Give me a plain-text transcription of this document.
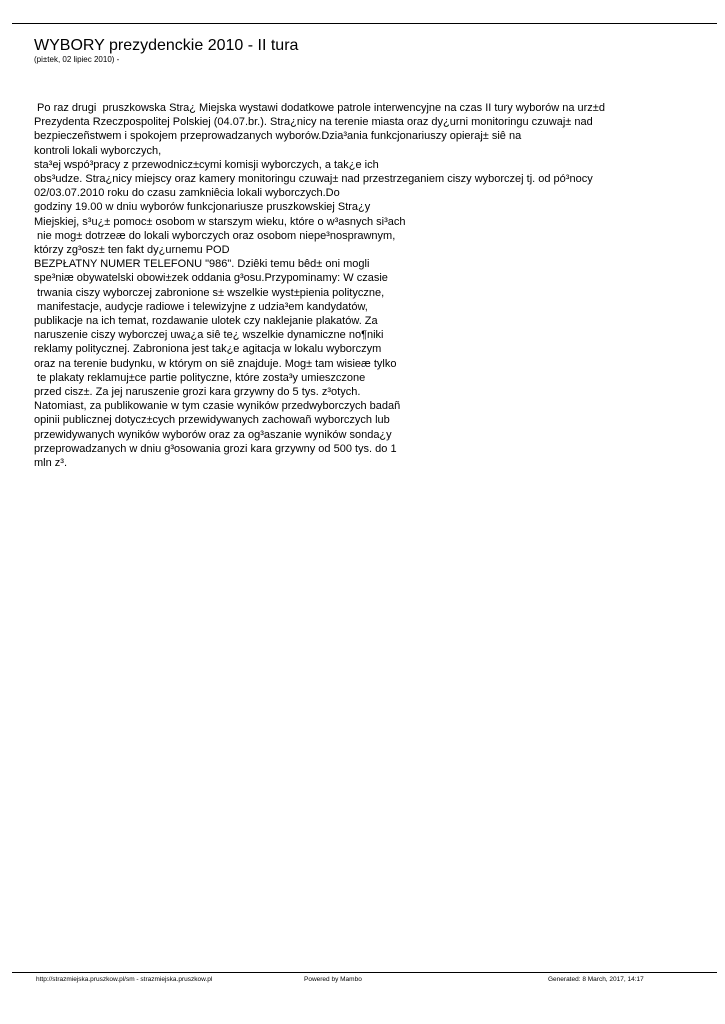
WYBORY prezydenckie 2010 - II tura
(pi±tek, 02 lipiec 2010) -
Po raz drugi  pruszkowska Stra¿ Miejska wystawi dodatkowe patrole interwencyjne na czas II tury wyborów na urz±d
Prezydenta Rzeczpospolitej Polskiej (04.07.br.). Stra¿nicy na terenie miasta oraz dy¿urni monitoringu czuwaj± nad
bezpieczeñstwem i spokojem przeprowadzanych wyborów.Dzia³ania funkcjonariuszy opieraj± siê na
kontroli lokali wyborczych,
sta³ej wspó³pracy z przewodnicz±cymi komisji wyborczych, a tak¿e ich
obs³udze. Stra¿nicy miejscy oraz kamery monitoringu czuwaj± nad przestrzeganiem ciszy wyborczej tj. od pó³nocy
02/03.07.2010 roku do czasu zamkniêcia lokali wyborczych.Do
godziny 19.00 w dniu wyborów funkcjonariusze pruszkowskiej Stra¿y
Miejskiej, s³u¿± pomoc± osobom w starszym wieku, które o w³asnych si³ach
nie mog± dotrzeæ do lokali wyborczych oraz osobom niepe³nosprawnym,
którzy zg³osz± ten fakt dy¿urnemu POD
BEZPŁATNY NUMER TELEFONU "986". Dziêki temu bêd± oni mogli
spe³niæ obywatelski obowi±zek oddania g³osu.Przypominamy: W czasie
trwania ciszy wyborczej zabronione s± wszelkie wyst±pienia polityczne,
manifestacje, audycje radiowe i telewizyjne z udzia³em kandydatów,
publikacje na ich temat, rozdawanie ulotek czy naklejanie plakatów. Za
naruszenie ciszy wyborczej uwa¿a siê te¿ wszelkie dynamiczne no¶niki
reklamy politycznej. Zabroniona jest tak¿e agitacja w lokalu wyborczym
oraz na terenie budynku, w którym on siê znajduje. Mog± tam wisieæ tylko
te plakaty reklamuj±ce partie polityczne, które zosta³y umieszczone
przed cisz±. Za jej naruszenie grozi kara grzywny do 5 tys. z³otych.
Natomiast, za publikowanie w tym czasie wyników przedwyborczych badañ
opinii publicznej dotycz±cych przewidywanych zachowañ wyborczych lub
przewidywanych wyników wyborów oraz za og³aszanie wyników sonda¿y
przeprowadzanych w dniu g³osowania grozi kara grzywny od 500 tys. do 1
mln z³.
http://strazmiejska.pruszkow.pl/sm - strazmiejska.pruszkow.pl	Powered by Mambo	Generated: 8 March, 2017, 14:17
